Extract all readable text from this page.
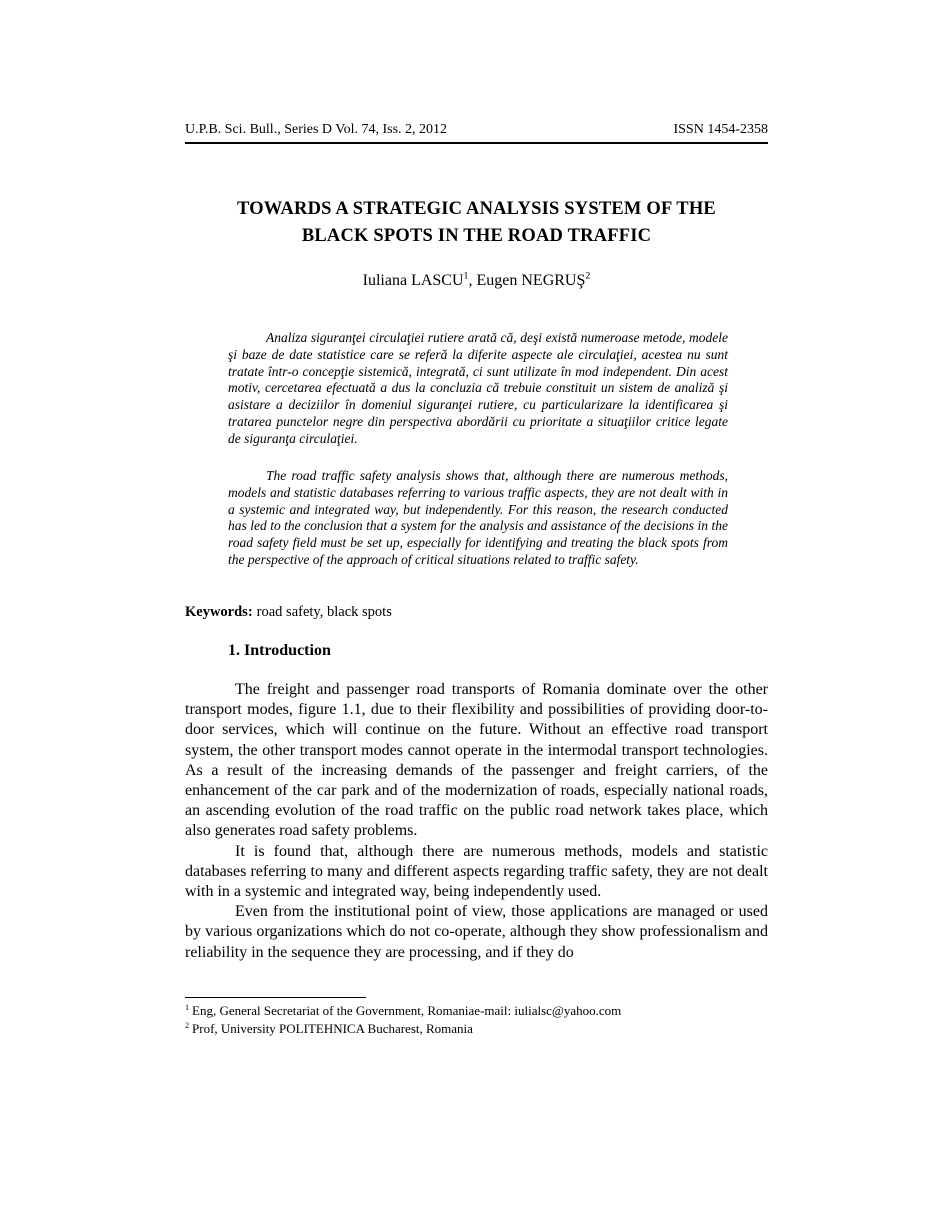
U.P.B. Sci. Bull., Series D Vol. 74, Iss. 2, 2012	ISSN 1454-2358
TOWARDS A STRATEGIC ANALYSIS SYSTEM OF THE
BLACK SPOTS IN THE ROAD TRAFFIC
Iuliana LASCU$^1$, Eugen NEGRUŞ$^2$
Analiza siguranţei circulaţiei rutiere arată că, deşi există numeroase metode, modele şi baze de date statistice care se referă la diferite aspecte ale circulaţiei, acestea nu sunt tratate într-o concepţie sistemică, integrată, ci sunt utilizate în mod independent. Din acest motiv, cercetarea efectuată a dus la concluzia că trebuie constituit un sistem de analiză şi asistare a deciziilor în domeniul siguranţei rutiere, cu particularizare la identificarea şi tratarea punctelor negre din perspectiva abordării cu prioritate a situaţiilor critice legate de siguranţa circulaţiei.
The road traffic safety analysis shows that, although there are numerous methods, models and statistic databases referring to various traffic aspects, they are not dealt with in a systemic and integrated way, but independently. For this reason, the research conducted has led to the conclusion that a system for the analysis and assistance of the decisions in the road safety field must be set up, especially for identifying and treating the black spots from the perspective of the approach of critical situations related to traffic safety.
Keywords: road safety, black spots
1. Introduction

The freight and passenger road transports of Romania dominate over the other transport modes, figure 1.1, due to their flexibility and possibilities of providing door-to-door services, which will continue on the future. Without an effective road transport system, the other transport modes cannot operate in the intermodal transport technologies. As a result of the increasing demands of the passenger and freight carriers, of the enhancement of the car park and of the modernization of roads, especially national roads, an ascending evolution of the road traffic on the public road network takes place, which also generates road safety problems.

It is found that, although there are numerous methods, models and statistic databases referring to many and different aspects regarding traffic safety, they are not dealt with in a systemic and integrated way, being independently used.

Even from the institutional point of view, those applications are managed or used by various organizations which do not co-operate, although they show professionalism and reliability in the sequence they are processing, and if they do

$^1$ Eng, General Secretariat of the Government, Romaniae-mail: iulialsc@yahoo.com

$^2$ Prof, University POLITEHNICA Bucharest, Romania
